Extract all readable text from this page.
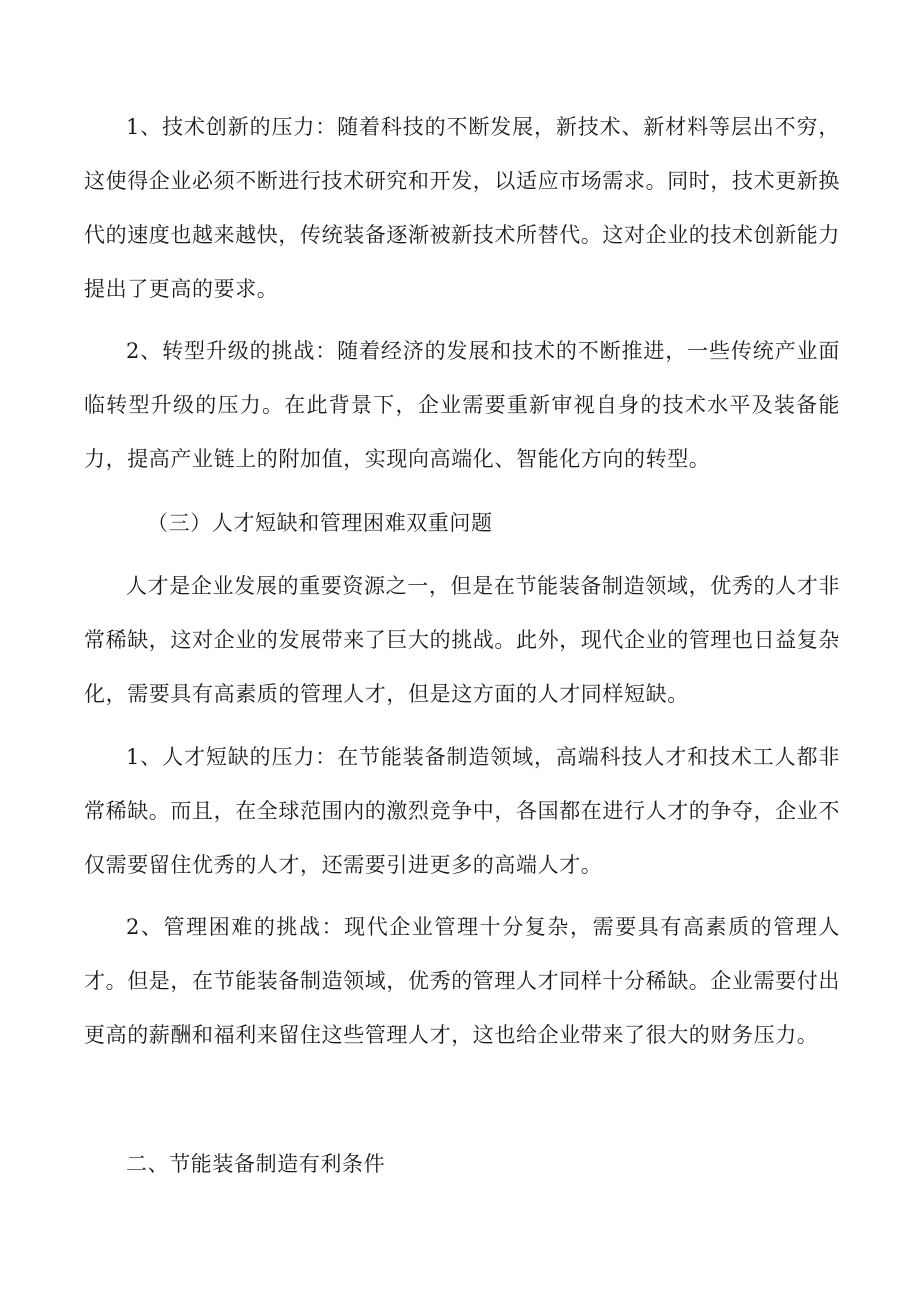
1、技术创新的压力：随着科技的不断发展，新技术、新材料等层出不穷，这使得企业必须不断进行技术研究和开发，以适应市场需求。同时，技术更新换代的速度也越来越快，传统装备逐渐被新技术所替代。这对企业的技术创新能力提出了更高的要求。

2、转型升级的挑战：随着经济的发展和技术的不断推进，一些传统产业面临转型升级的压力。在此背景下，企业需要重新审视自身的技术水平及装备能力，提高产业链上的附加值，实现向高端化、智能化方向的转型。

（三）人才短缺和管理困难双重问题

人才是企业发展的重要资源之一，但是在节能装备制造领域，优秀的人才非常稀缺，这对企业的发展带来了巨大的挑战。此外，现代企业的管理也日益复杂化，需要具有高素质的管理人才，但是这方面的人才同样短缺。

1、人才短缺的压力：在节能装备制造领域，高端科技人才和技术工人都非常稀缺。而且，在全球范围内的激烈竞争中，各国都在进行人才的争夺，企业不仅需要留住优秀的人才，还需要引进更多的高端人才。

2、管理困难的挑战：现代企业管理十分复杂，需要具有高素质的管理人才。但是，在节能装备制造领域，优秀的管理人才同样十分稀缺。企业需要付出更高的薪酬和福利来留住这些管理人才，这也给企业带来了很大的财务压力。

二、节能装备制造有利条件
